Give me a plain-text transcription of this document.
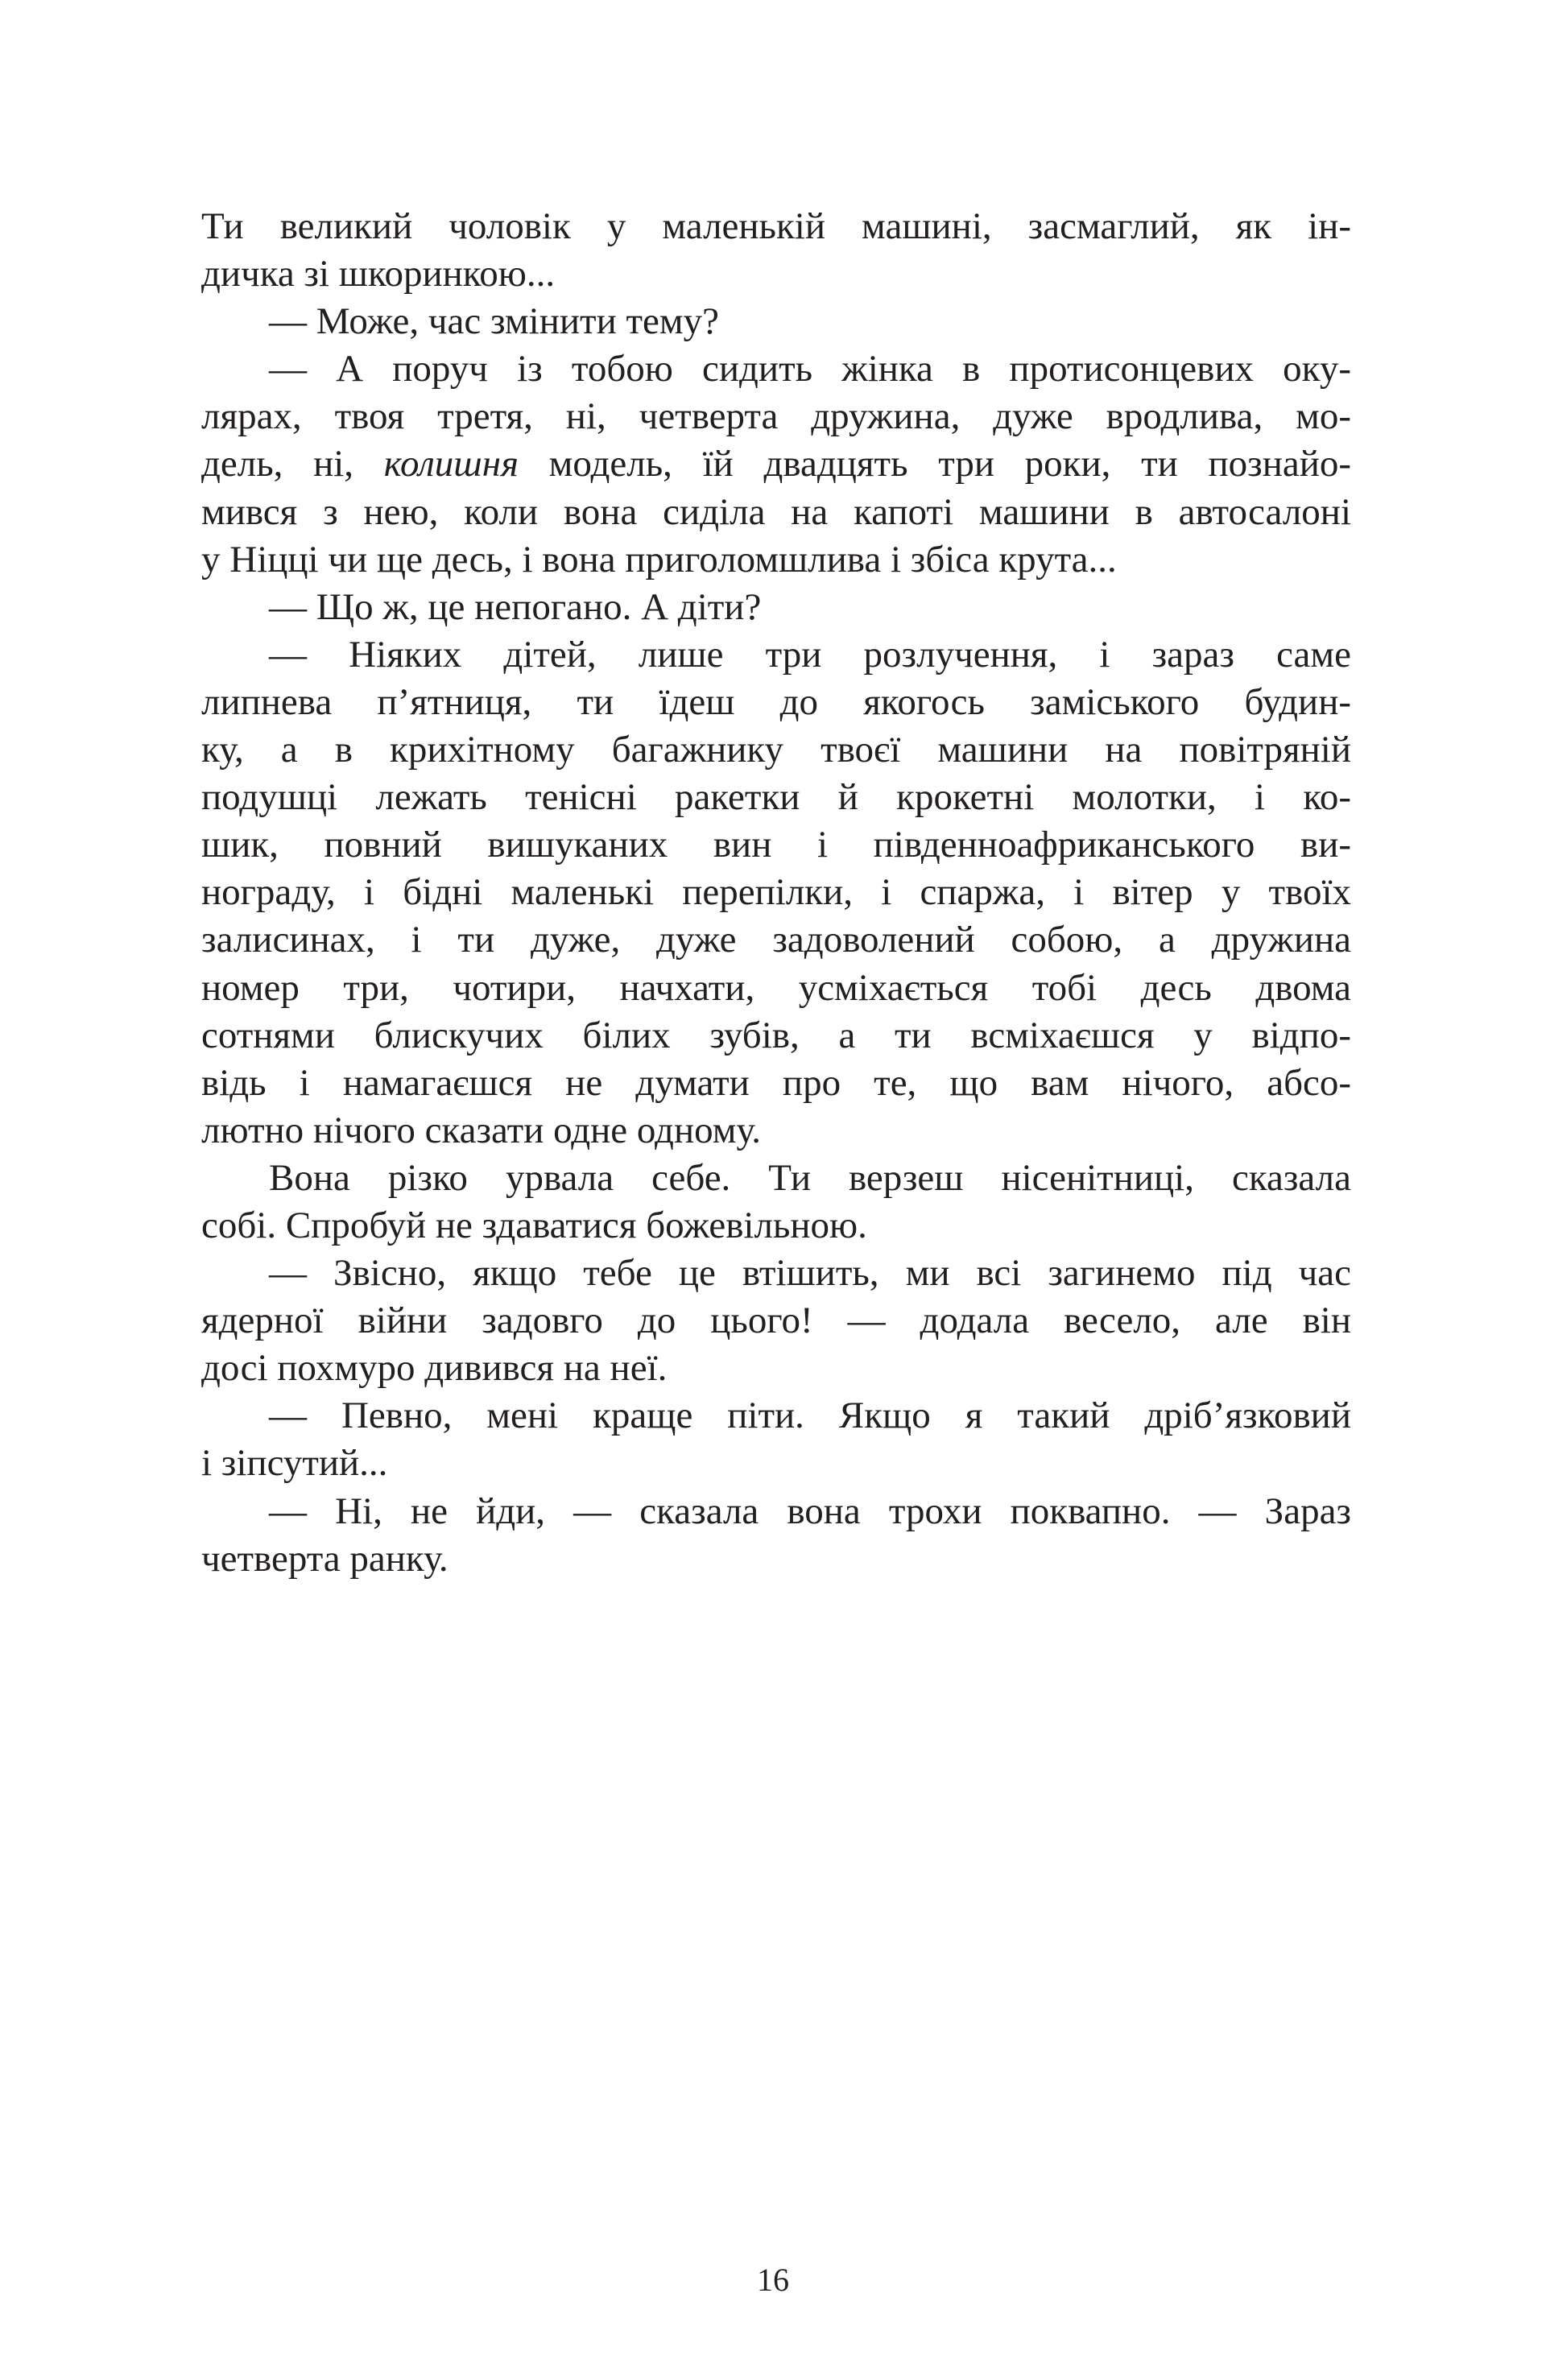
Ти великий чоловік у маленькій машині, засмаглий, як ін-
дичка зі шкоринкою...
— Може, час змінити тему?
— А поруч із тобою сидить жінка в протисонцевих оку-
лярах, твоя третя, ні, четверта дружина, дуже вродлива, мо-
дель, ні, колишня модель, їй двадцять три роки, ти познайо-
мився з нею, коли вона сиділа на капоті машини в автосалоні
у Ніцці чи ще десь, і вона приголомшлива і збіса крута...
— Що ж, це непогано. А діти?
— Ніяких дітей, лише три розлучення, і зараз саме
липнева п’ятниця, ти їдеш до якогось заміського будин-
ку, а в крихітному багажнику твоєї машини на повітряній
подушці лежать тенісні ракетки й крокетні молотки, і ко-
шик, повний вишуканих вин і південноафриканського ви-
нограду, і бідні маленькі перепілки, і спаржа, і вітер у твоїх
залисинах, і ти дуже, дуже задоволений собою, а дружина
номер три, чотири, начхати, усміхається тобі десь двома
сотнями блискучих білих зубів, а ти всміхаєшся у відпо-
відь і намагаєшся не думати про те, що вам нічого, абсо-
лютно нічого сказати одне одному.
Вона різко урвала себе. Ти верзеш нісенітниці, сказала
собі. Спробуй не здаватися божевільною.
— Звісно, якщо тебе це втішить, ми всі загинемо під час
ядерної війни задовго до цього! — додала весело, але він
досі похмуро дивився на неї.
— Певно, мені краще піти. Якщо я такий дріб’язковий
і зіпсутий...
— Ні, не йди, — сказала вона трохи поквапно. — Зараз
четверта ранку.
16
